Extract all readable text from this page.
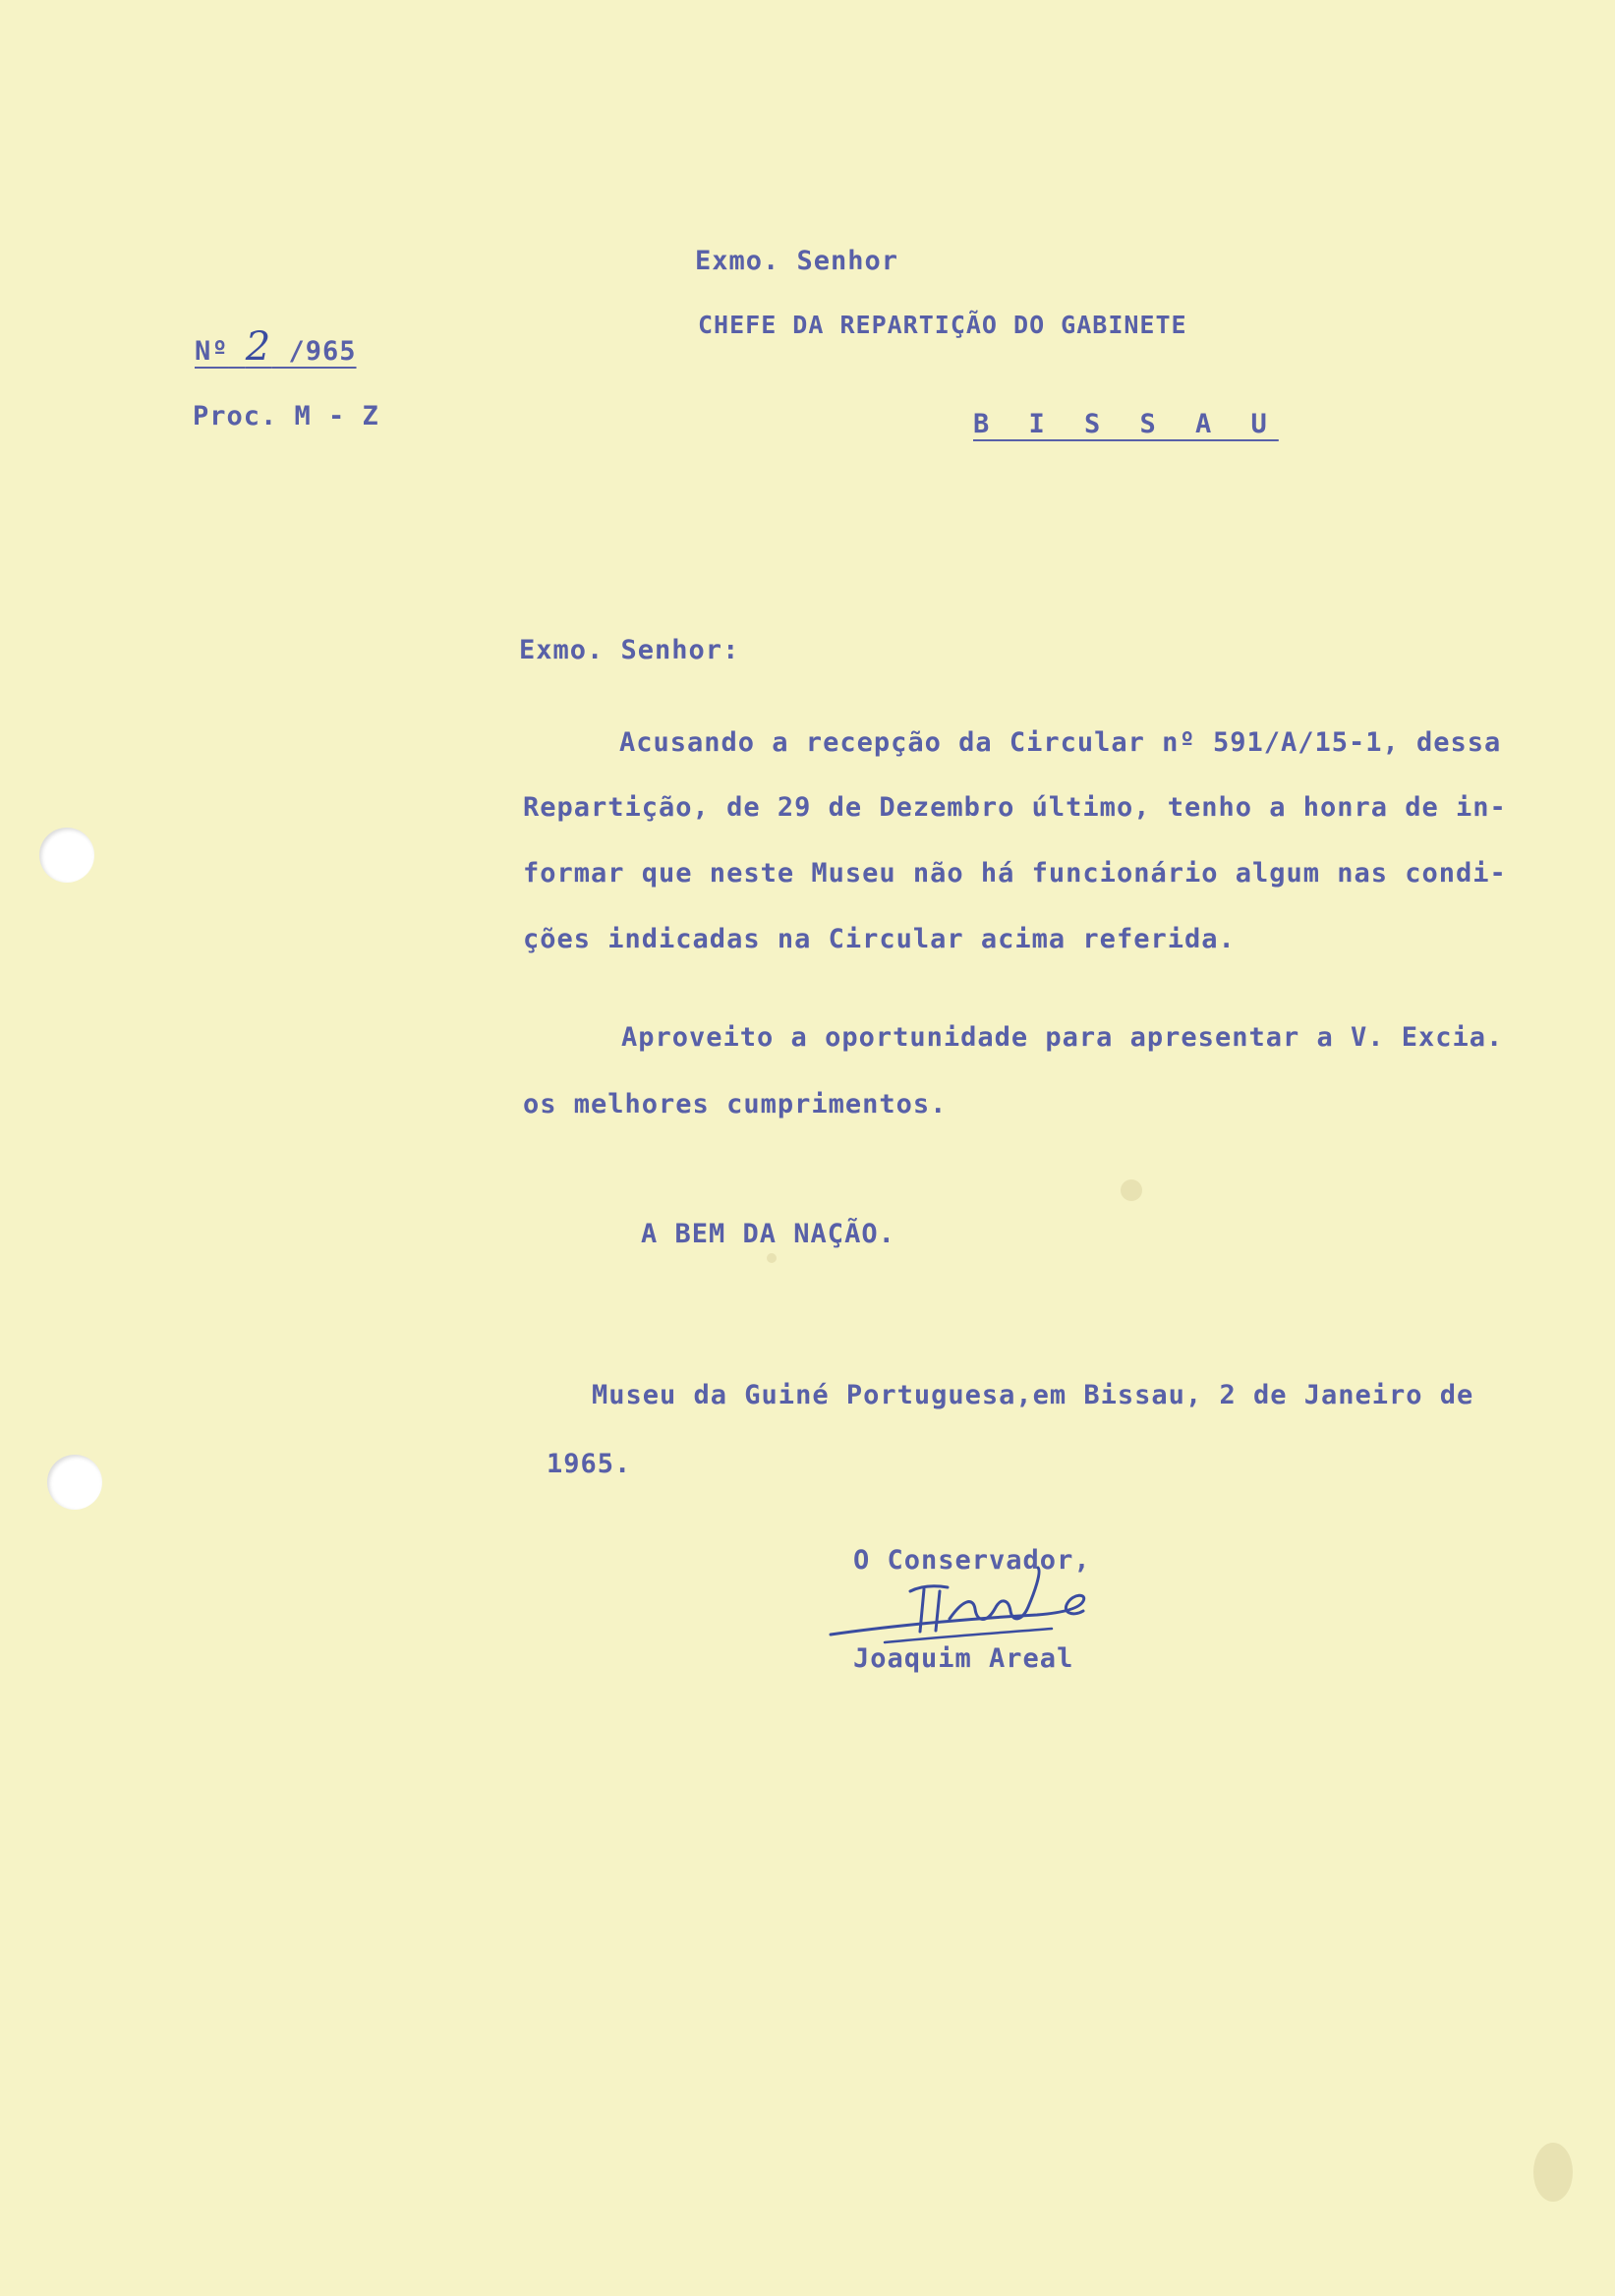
Exmo. Senhor

CHEFE DA REPARTIÇÃO DO GABINETE

B I S S A U

Nº 2 /965

Proc. M - Z

Exmo. Senhor:

Acusando a recepção da Circular nº 591/A/15-1, dessa

Repartição, de 29 de Dezembro último, tenho a honra de in-

formar que neste Museu não há funcionário algum nas condi-

ções indicadas na Circular acima referida.

Aproveito a oportunidade para apresentar a V. Excia.

os melhores cumprimentos.

A BEM DA NAÇÃO.

Museu da Guiné Portuguesa,em Bissau, 2 de Janeiro de

1965.

O Conservador,

Joaquim Areal
